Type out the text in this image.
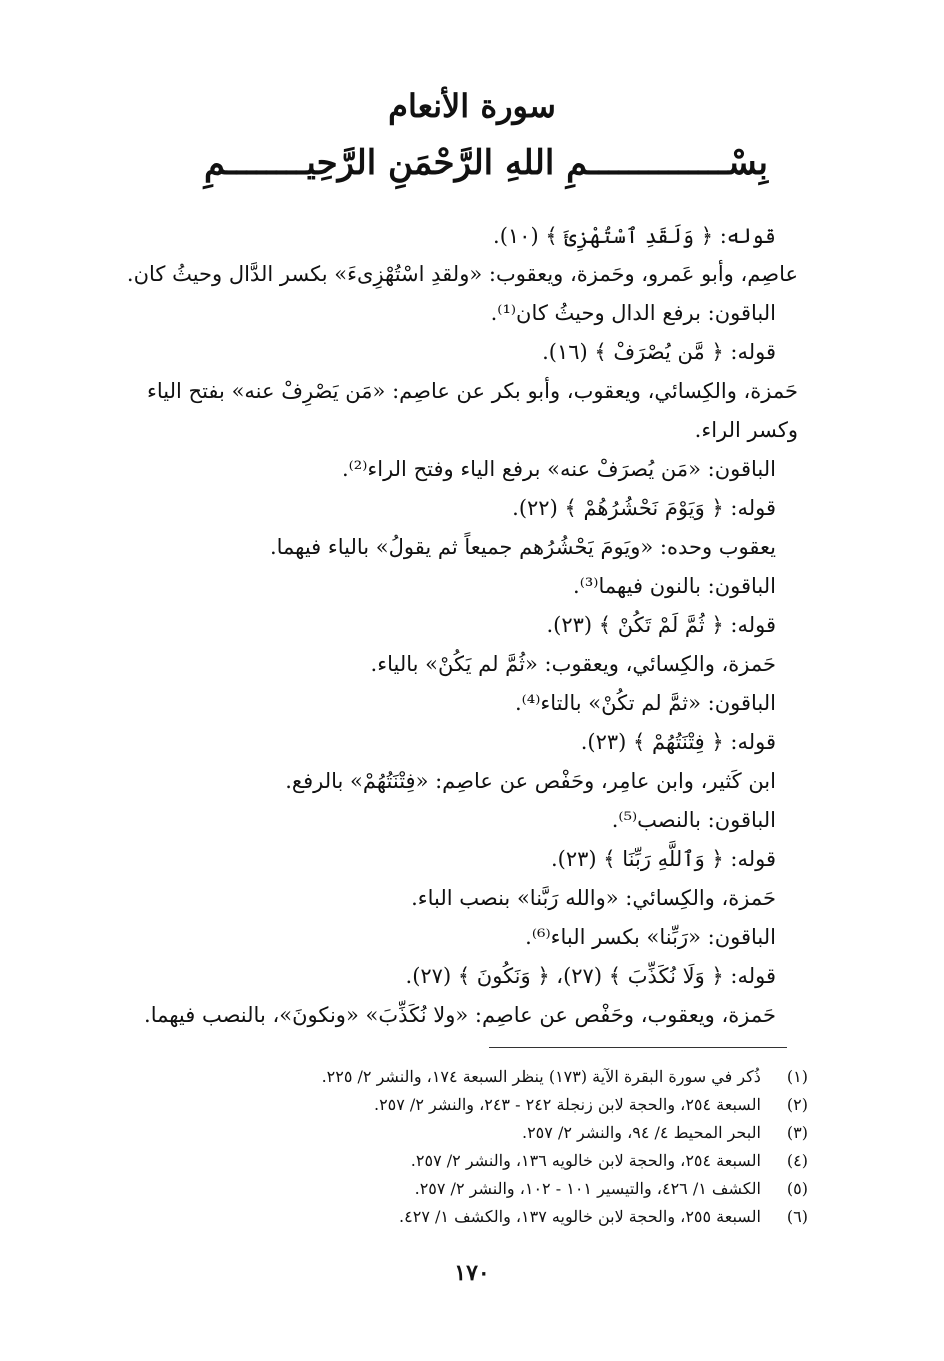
سورة الأنعام
بِسْــــــــــــــمِ اللهِ الرَّحْمَنِ الرَّحِيــــــــمِ
قوله: ﴿ وَلَقَدِ ٱسْتُهْزِئَ ﴾ (١٠).
عاصِم، وأبو عَمرو، وحَمزة، ويعقوب: «ولقدِ اسْتُهْزِىءَ» بكسر الدَّال وحيثُ كان.
الباقون: برفع الدال وحيثُ كان⁽¹⁾.
قوله: ﴿ مَّن يُصْرَفْ ﴾ (١٦).
حَمزة، والكِسائي، ويعقوب، وأبو بكر عن عاصِم: «مَن يَصْرِفْ عنه» بفتح الياء
وكسر الراء.
الباقون: «مَن يُصرَفْ عنه» برفع الياء وفتح الراء⁽²⁾.
قوله: ﴿ وَيَوْمَ نَحْشُرُهُمْ ﴾ (٢٢).
يعقوب وحده: «ويَومَ يَحْشُرُهم جميعاً ثم يقولُ» بالياء فيهما.
الباقون: بالنون فيهما⁽³⁾.
قوله: ﴿ ثُمَّ لَمْ تَكُنْ ﴾ (٢٣).
حَمزة، والكِسائي، ويعقوب: «ثُمَّ لم يَكُنْ» بالياء.
الباقون: «ثمَّ لم تكُنْ» بالتاء⁽⁴⁾.
قوله: ﴿ فِتْنَتُهُمْ ﴾ (٢٣).
ابن كَثير، وابن عامِر، وحَفْص عن عاصِم: «فِتْنَتُهُمْ» بالرفع.
الباقون: بالنصب⁽⁵⁾.
قوله: ﴿ وَٱللَّهِ رَبِّنَا ﴾ (٢٣).
حَمزة، والكِسائي: «والله رَبَّنا» بنصب الباء.
الباقون: «رَبِّنا» بكسر الباء⁽⁶⁾.
قوله: ﴿ وَلَا نُكَذِّبَ ﴾ (٢٧)، ﴿ وَنَكُونَ ﴾ (٢٧).
حَمزة، ويعقوب، وحَفْص عن عاصِم: «ولا نُكَذِّبَ» «ونكونَ»، بالنصب فيهما.
(١) ذُكر في سورة البقرة الآية (١٧٣) ينظر السبعة ١٧٤، والنشر ٢/ ٢٢٥.
(٢) السبعة ٢٥٤، والحجة لابن زنجلة ٢٤٢ - ٢٤٣، والنشر ٢/ ٢٥٧.
(٣) البحر المحيط ٤/ ٩٤، والنشر ٢/ ٢٥٧.
(٤) السبعة ٢٥٤، والحجة لابن خالويه ١٣٦، والنشر ٢/ ٢٥٧.
(٥) الكشف ١/ ٤٢٦، والتيسير ١٠١ - ١٠٢، والنشر ٢/ ٢٥٧.
(٦) السبعة ٢٥٥، والحجة لابن خالويه ١٣٧، والكشف ١/ ٤٢٧.
١٧٠
